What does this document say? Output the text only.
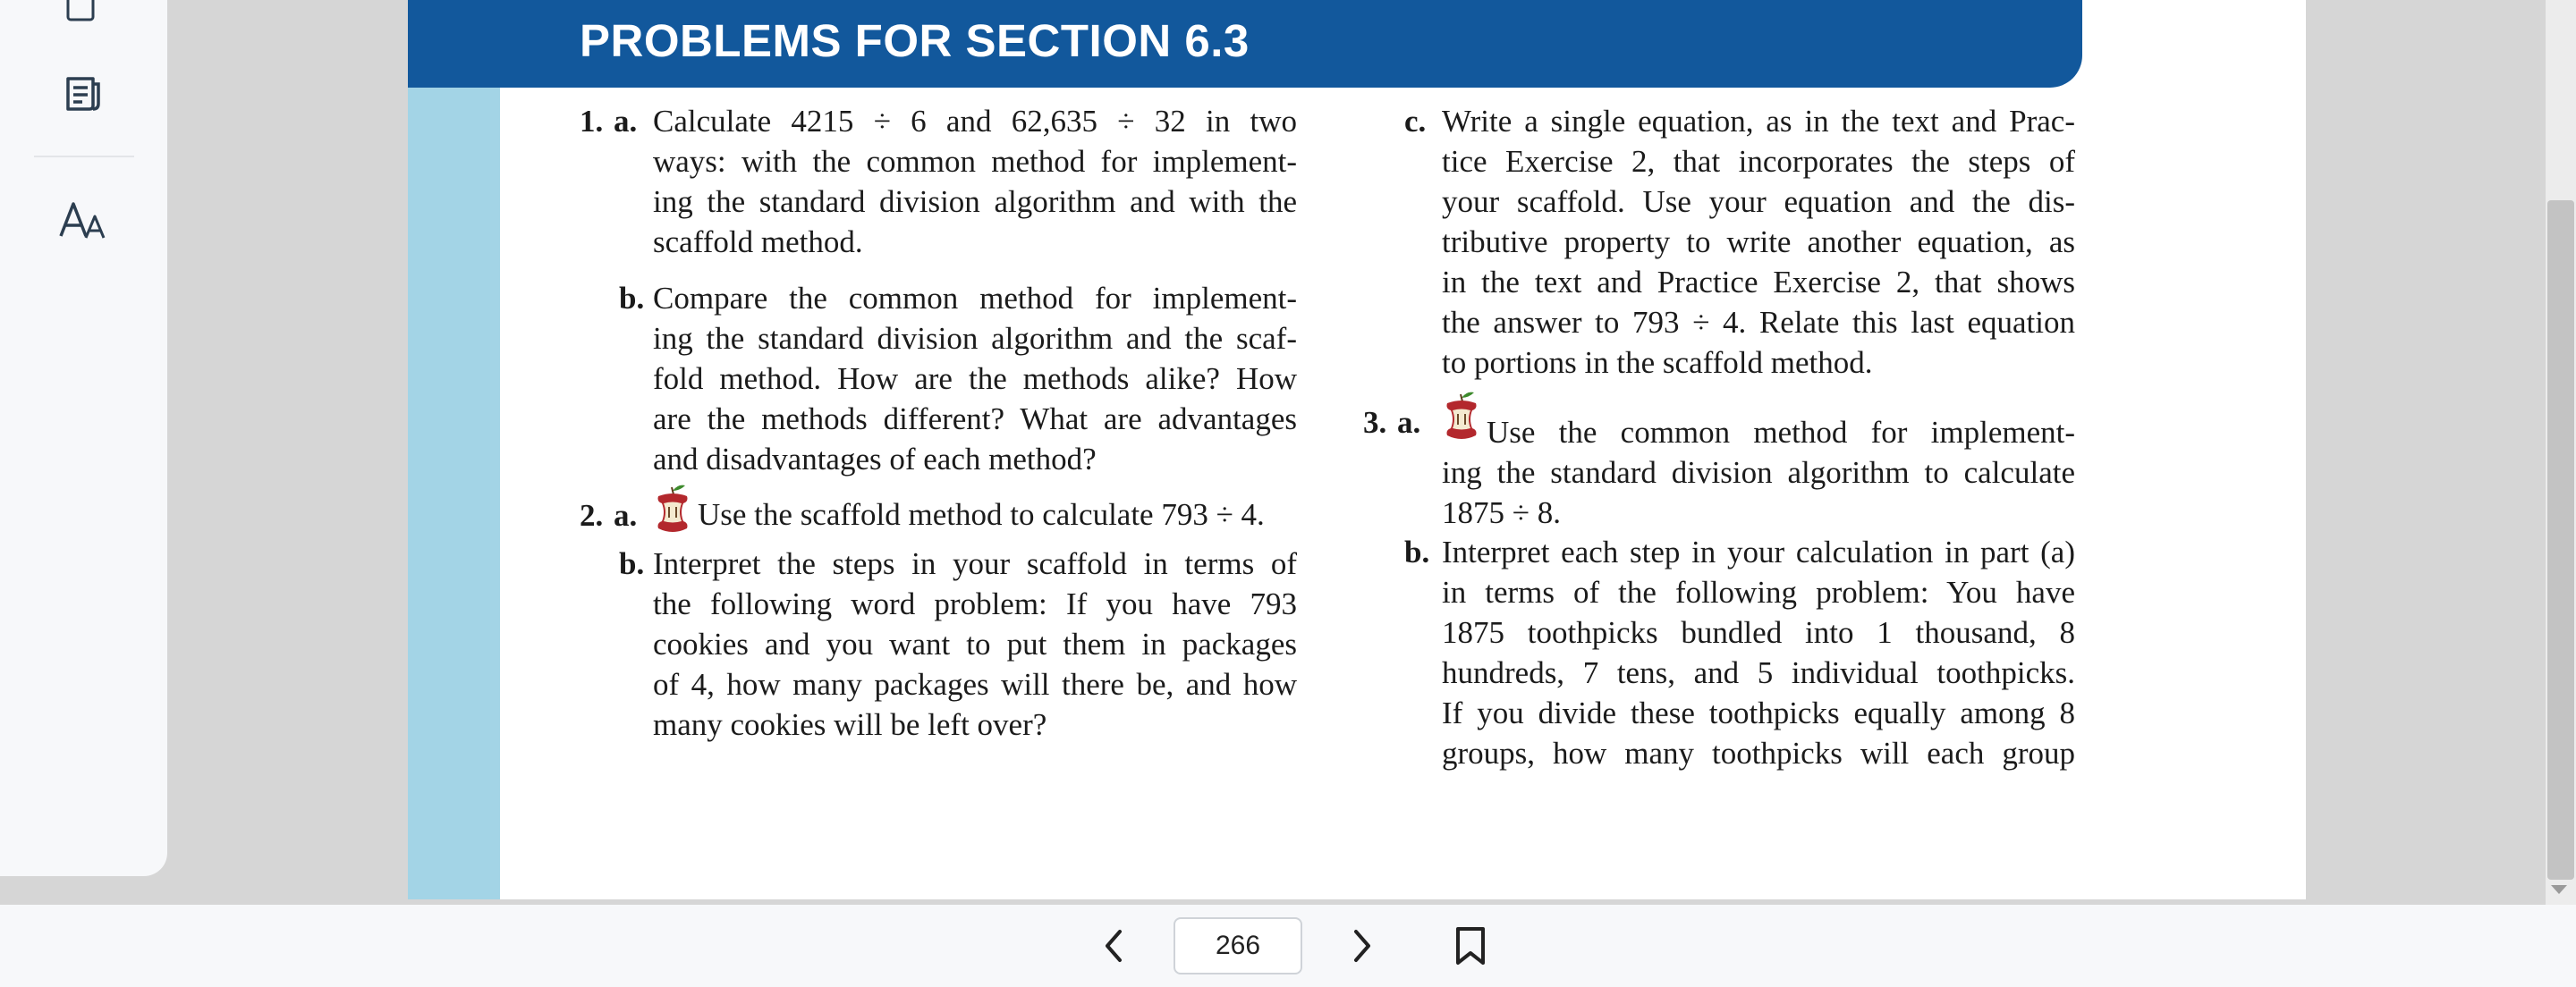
PROBLEMS FOR SECTION 6.3
1. a. Calculate 4215 ÷ 6 and 62,635 ÷ 32 in two
ways: with the common method for implement-
ing the standard division algorithm and with the
scaffold method.
b. Compare the common method for implement-
ing the standard division algorithm and the scaf-
fold method. How are the methods alike? How
are the methods different? What are advantages
and disadvantages of each method?
2. a.	Use the scaffold method to calculate 793 ÷ 4.
b. Interpret the steps in your scaffold in terms of
the following word problem: If you have 793
cookies and you want to put them in packages
of 4, how many packages will there be, and how
many cookies will be left over?
c. Write a single equation, as in the text and Prac-
tice Exercise 2, that incorporates the steps of
your scaffold. Use your equation and the dis-
tributive property to write another equation, as
in the text and Practice Exercise 2, that shows
the answer to 793 ÷ 4. Relate this last equation
to portions in the scaffold method.
3. a. Use the common method for implement-
ing the standard division algorithm to calculate
1875 ÷ 8.
b. Interpret each step in your calculation in part (a)
in terms of the following problem: You have
1875 toothpicks bundled into 1 thousand, 8
hundreds, 7 tens, and 5 individual toothpicks.
If you divide these toothpicks equally among 8
groups, how many toothpicks will each group
266
